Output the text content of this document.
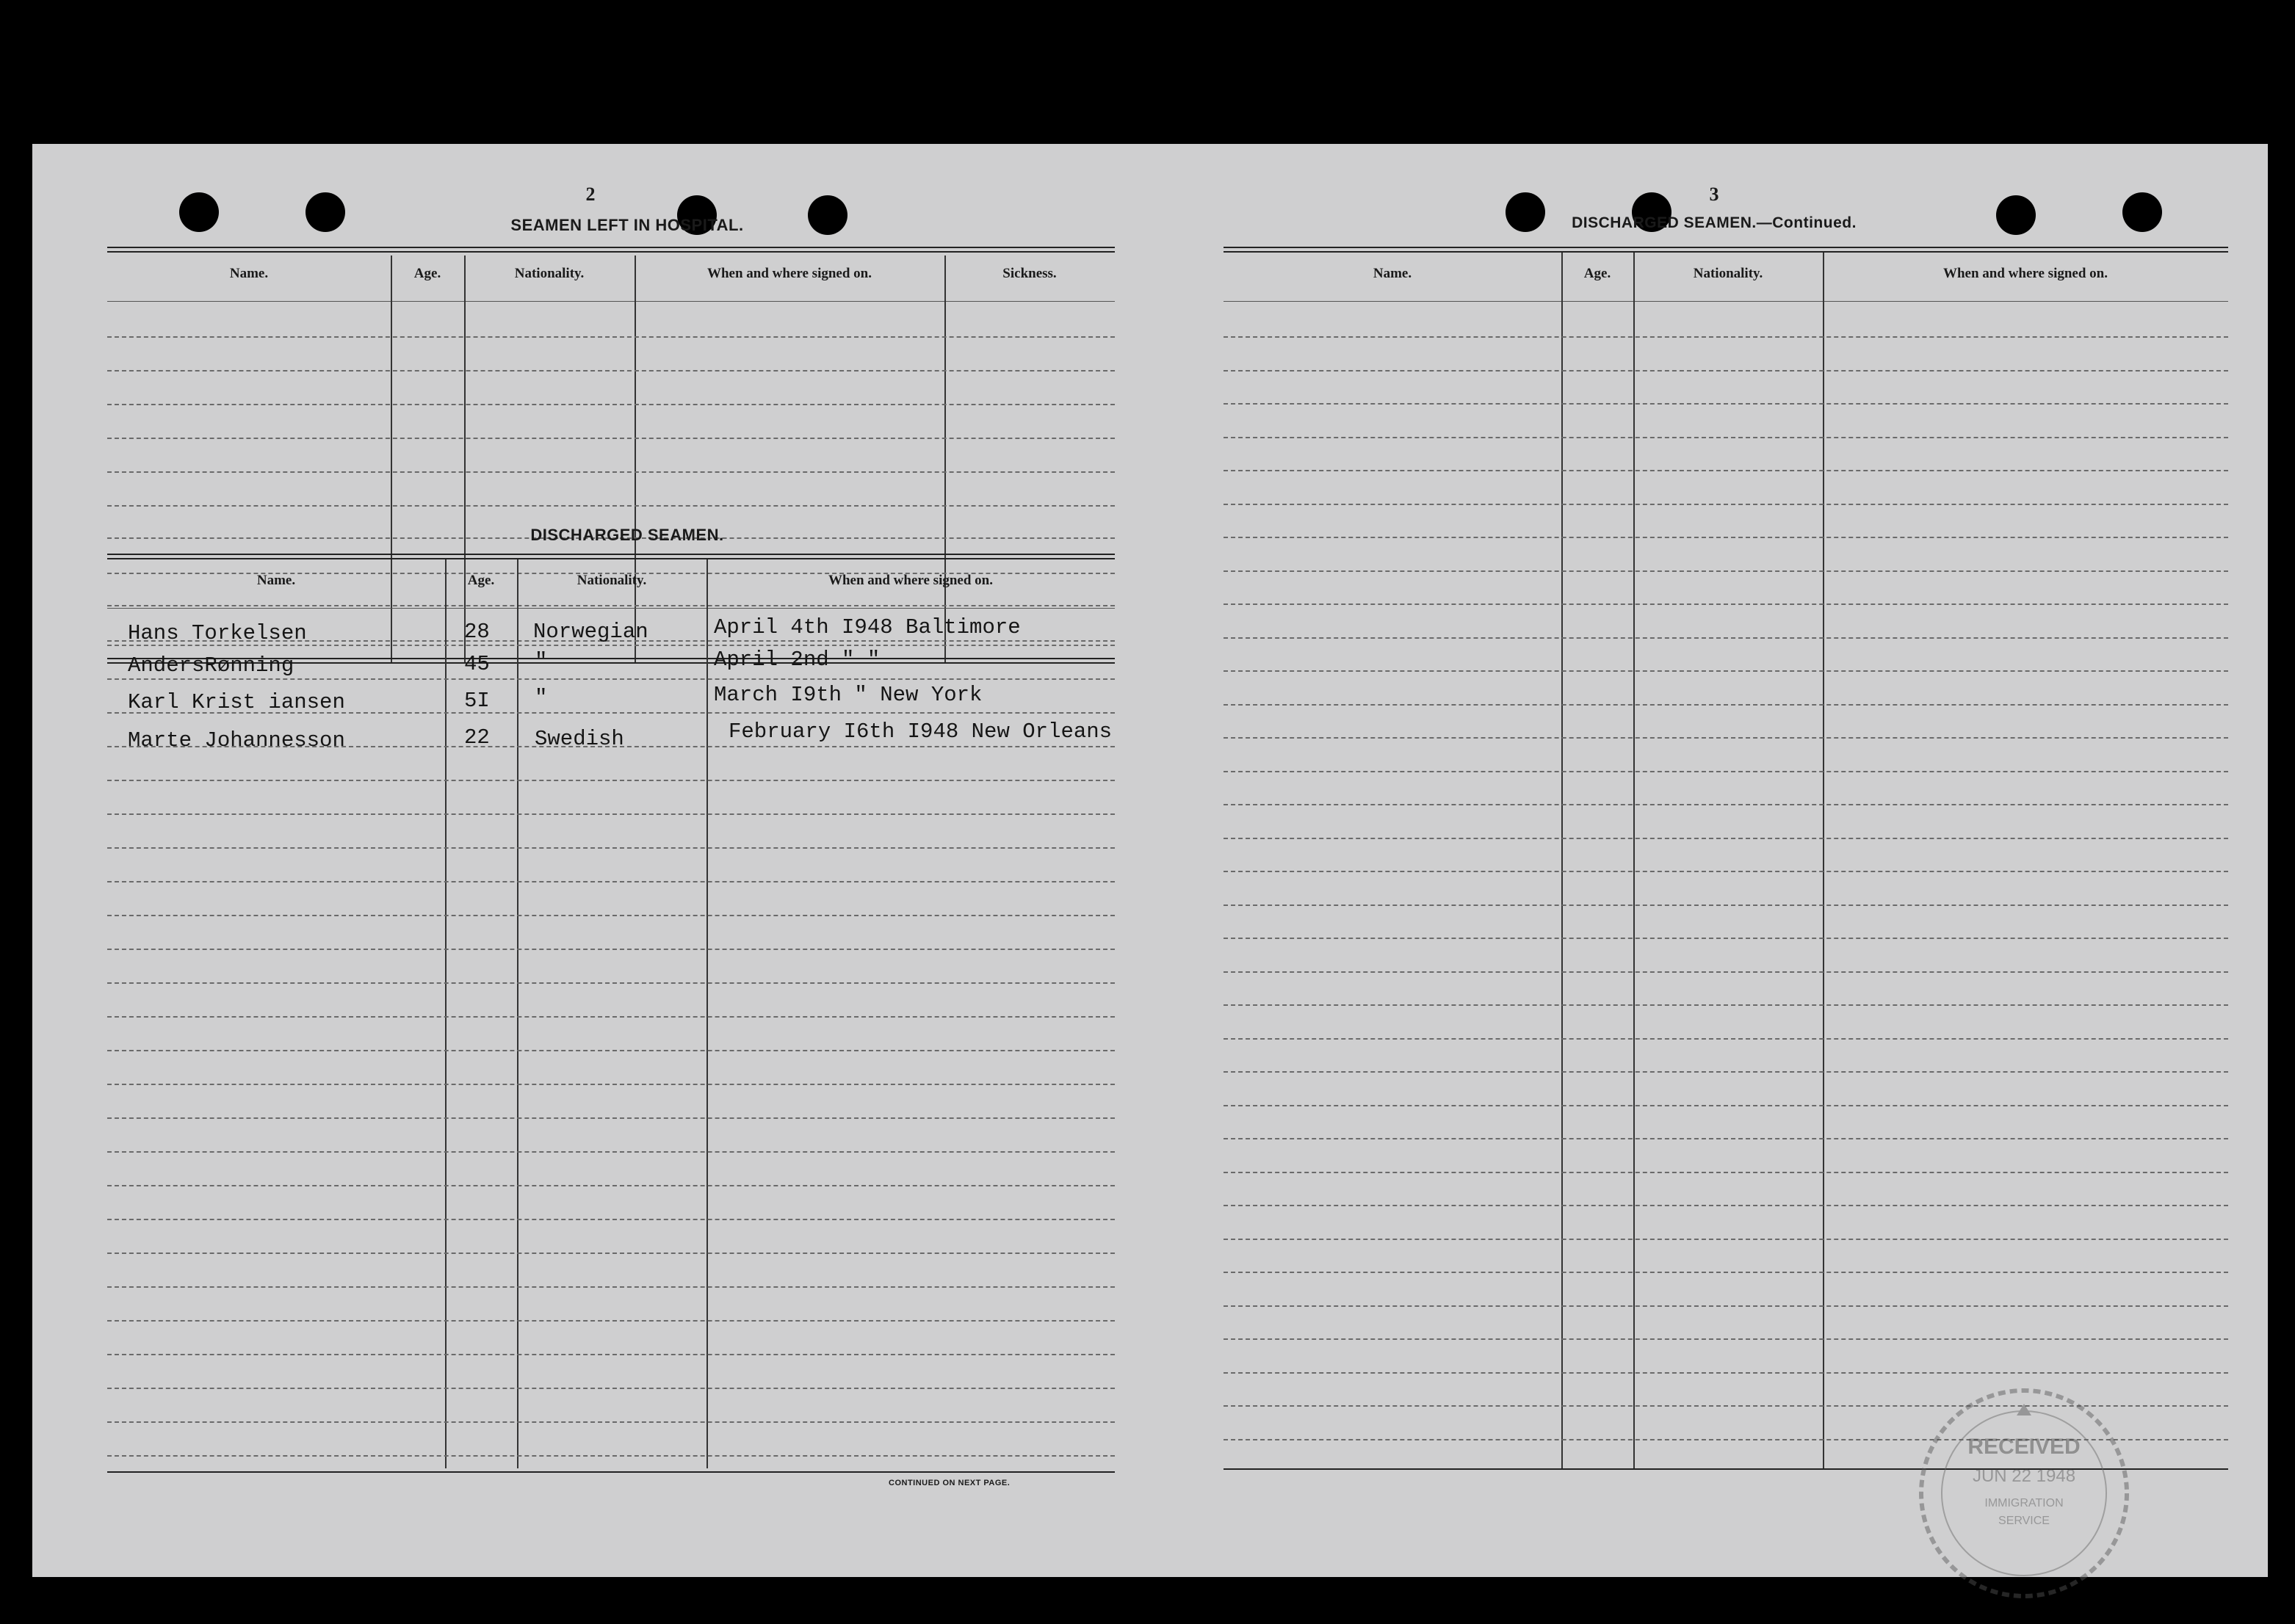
2
SEAMEN LEFT IN HOSPITAL.
Name.	Age.	Nationality.	When and where signed on.	Sickness.
DISCHARGED SEAMEN.
Name.	Age.	Nationality.	When and where signed on.
Hans Torkelsen	28 Norwegian	April 4th I948 Baltimore
AndersRønning	45 "	April 2nd " "
Karl Krist iansen	5I "	March I9th " New York
Marte Johannesson	22 Swedish	February I6th I948 New Orleans
CONTINUED ON NEXT PAGE.
3
DISCHARGED SEAMEN.—Continued.
Name.	Age.	Nationality.	When and where signed on.
RECEIVED
JUN 22 1948
IMMIGRATION
SERVICE
